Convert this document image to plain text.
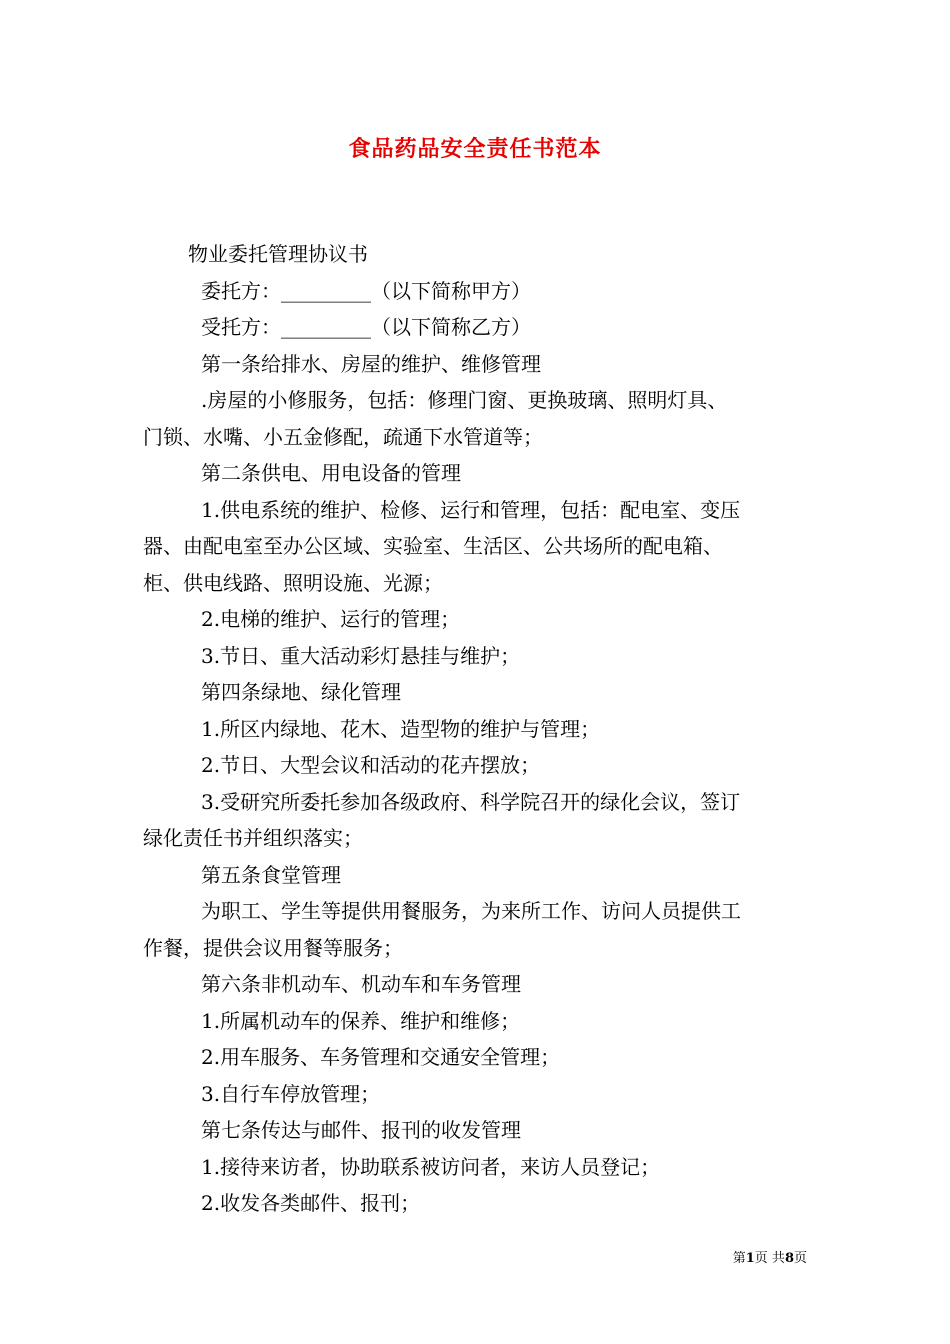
食品药品安全责任书范本
物业委托管理协议书
委托方：_________（以下简称甲方）
受托方：_________（以下简称乙方）
第一条给排水、房屋的维护、维修管理
.房屋的小修服务，包括：修理门窗、更换玻璃、照明灯具、
门锁、水嘴、小五金修配，疏通下水管道等；
第二条供电、用电设备的管理
1.供电系统的维护、检修、运行和管理，包括：配电室、变压
器、由配电室至办公区域、实验室、生活区、公共场所的配电箱、
柜、供电线路、照明设施、光源；
2.电梯的维护、运行的管理；
3.节日、重大活动彩灯悬挂与维护；
第四条绿地、绿化管理
1.所区内绿地、花木、造型物的维护与管理；
2.节日、大型会议和活动的花卉摆放；
3.受研究所委托参加各级政府、科学院召开的绿化会议，签订
绿化责任书并组织落实；
第五条食堂管理
为职工、学生等提供用餐服务，为来所工作、访问人员提供工
作餐，提供会议用餐等服务；
第六条非机动车、机动车和车务管理
1.所属机动车的保养、维护和维修；
2.用车服务、车务管理和交通安全管理；
3.自行车停放管理；
第七条传达与邮件、报刊的收发管理
1.接待来访者，协助联系被访问者，来访人员登记；
2.收发各类邮件、报刊；
第1页 共8页
